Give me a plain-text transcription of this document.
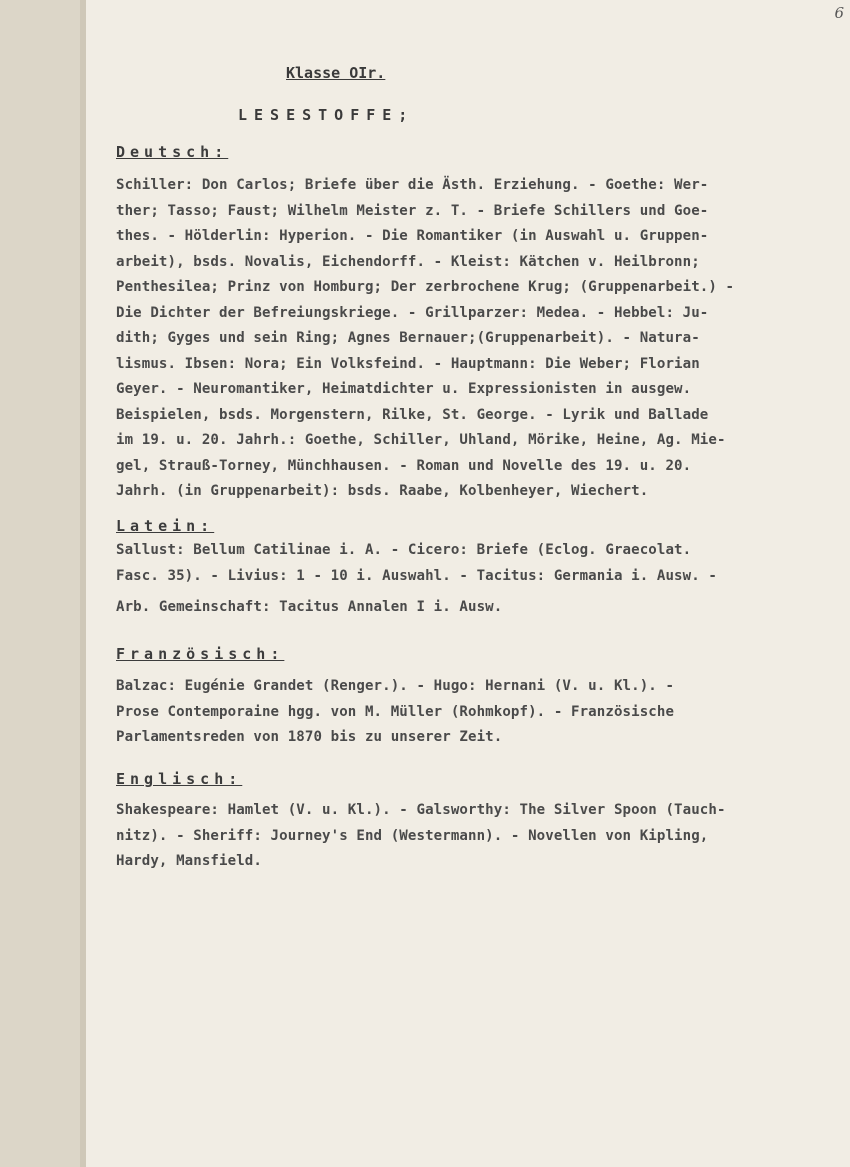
6
Klasse OIr.
LESESTOFFE;
Deutsch:
Schiller: Don Carlos; Briefe über die Ästh. Erziehung. - Goethe: Wer-
ther; Tasso; Faust; Wilhelm Meister z. T. - Briefe Schillers und Goe-
thes. - Hölderlin: Hyperion. - Die Romantiker (in Auswahl u. Gruppen-
arbeit), bsds. Novalis, Eichendorff. - Kleist: Kätchen v. Heilbronn;
Penthesilea; Prinz von Homburg; Der zerbrochene Krug; (Gruppenarbeit.) -
Die Dichter der Befreiungskriege. - Grillparzer: Medea. - Hebbel: Ju-
dith; Gyges und sein Ring; Agnes Bernauer;(Gruppenarbeit). - Natura-
lismus. Ibsen: Nora; Ein Volksfeind. - Hauptmann: Die Weber; Florian
Geyer. - Neuromantiker, Heimatdichter u. Expressionisten in ausgew.
Beispielen, bsds. Morgenstern, Rilke, St. George. - Lyrik und Ballade
im 19. u. 20. Jahrh.: Goethe, Schiller, Uhland, Mörike, Heine, Ag. Mie-
gel, Strauß-Torney, Münchhausen. - Roman und Novelle des 19. u. 20.
Jahrh. (in Gruppenarbeit): bsds. Raabe, Kolbenheyer, Wiechert.
Latein:
Sallust: Bellum Catilinae i. A. - Cicero: Briefe (Eclog. Graecolat.
Fasc. 35). - Livius: 1 - 10 i. Auswahl. - Tacitus: Germania i. Ausw. -
Arb. Gemeinschaft: Tacitus Annalen I i. Ausw.
Französisch:
Balzac: Eugénie Grandet (Renger.). - Hugo: Hernani (V. u. Kl.). -
Prose Contemporaine hgg. von M. Müller (Rohmkopf). - Französische
Parlamentsreden von 1870 bis zu unserer Zeit.
Englisch:
Shakespeare: Hamlet (V. u. Kl.). - Galsworthy: The Silver Spoon (Tauch-
nitz). - Sheriff: Journey's End (Westermann). - Novellen von Kipling,
Hardy, Mansfield.
